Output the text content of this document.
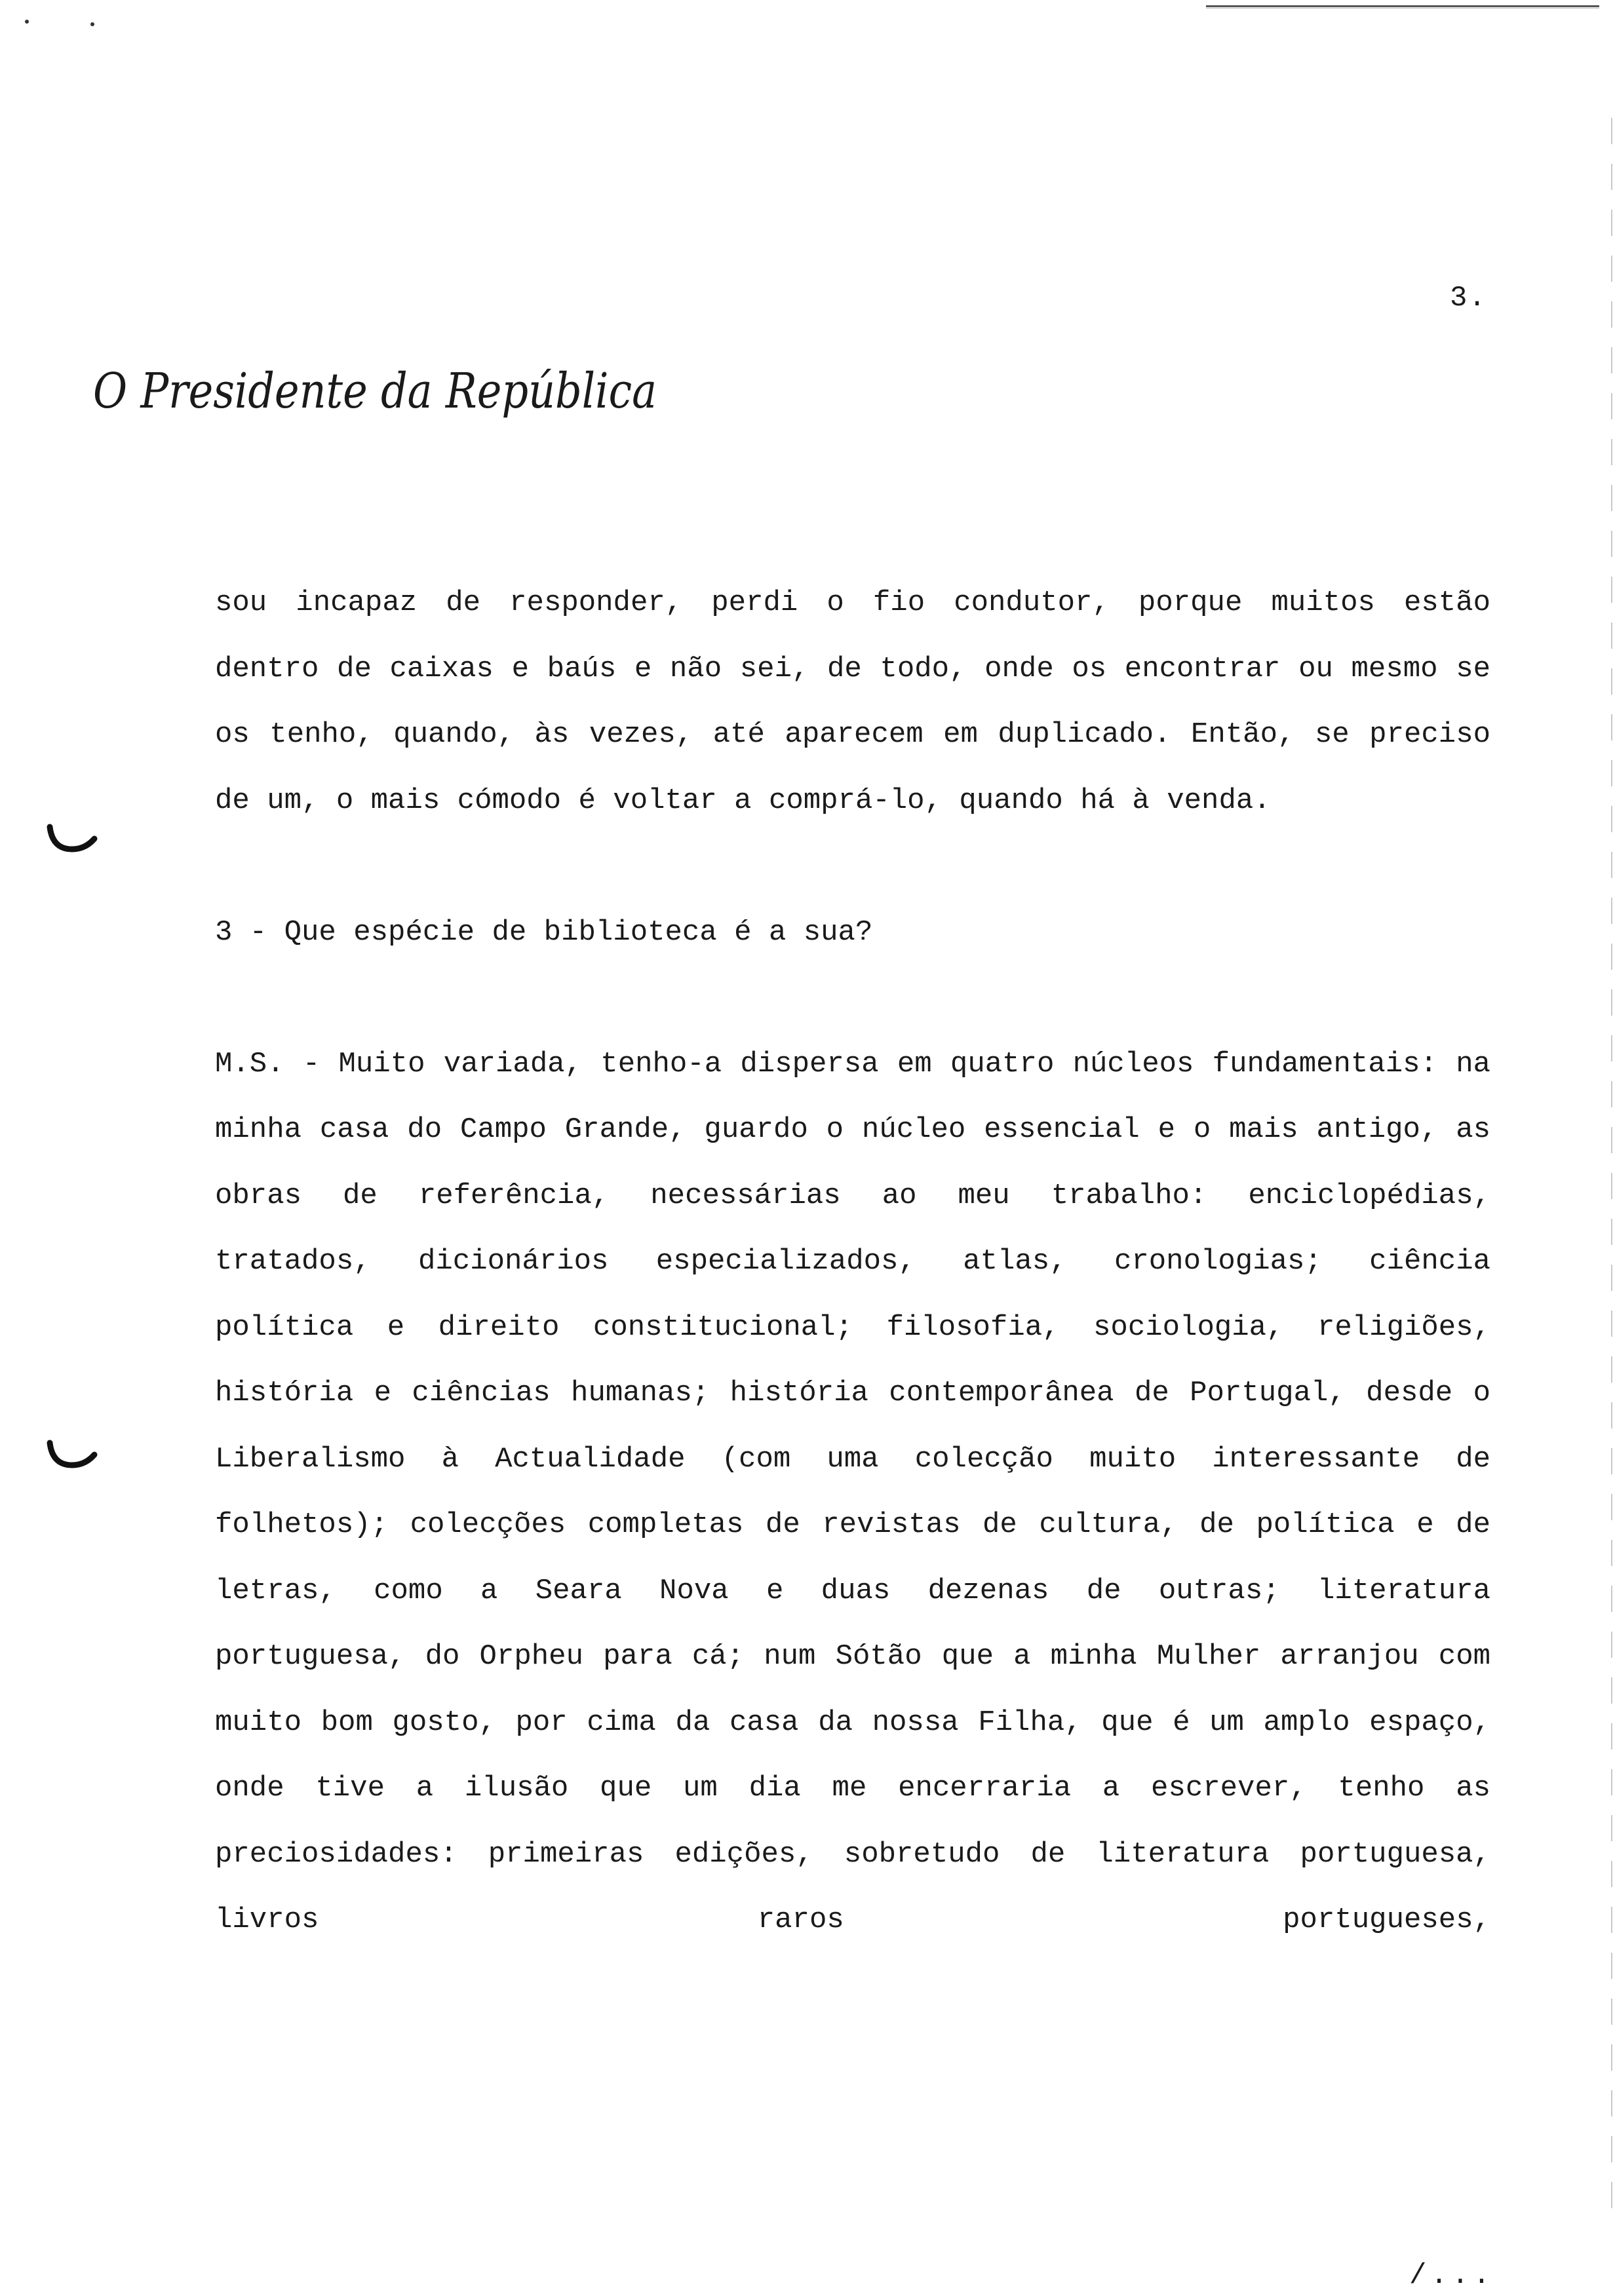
3.
O Presidente da República

sou incapaz de responder, perdi o fio condutor, porque muitos estão dentro de caixas e baús e não sei, de todo, onde os encontrar ou mesmo se os tenho, quando, às vezes, até aparecem em duplicado. Então, se preciso de um, o mais cómodo é voltar a comprá-lo, quando há à venda.

3 - Que espécie de biblioteca é a sua?

M.S. - Muito variada, tenho-a dispersa em quatro núcleos fundamentais: na minha casa do Campo Grande, guardo o núcleo essencial e o mais antigo, as obras de referência, necessárias ao meu trabalho: enciclopédias, tratados, dicionários especializados, atlas, cronologias; ciência política e direito constitucional; filosofia, sociologia, religiões, história e ciências humanas; história contemporânea de Portugal, desde o Liberalismo à Actualidade (com uma colecção muito interessante de folhetos); colecções completas de revistas de cultura, de política e de letras, como a Seara Nova e duas dezenas de outras; literatura portuguesa, do Orpheu para cá; num Sótão que a minha Mulher arranjou com muito bom gosto, por cima da casa da nossa Filha, que é um amplo espaço, onde tive a ilusão que um dia me encerraria a escrever, tenho as preciosidades: primeiras edições, sobretudo de literatura portuguesa, livros raros portugueses,

/...
